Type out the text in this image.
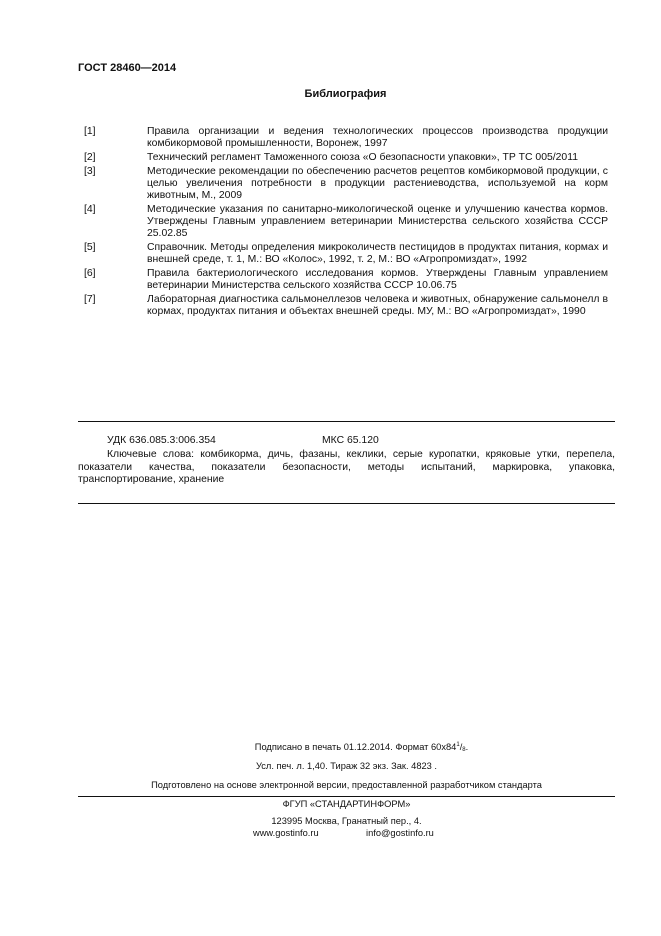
ГОСТ 28460—2014
Библиография
[1]	Правила организации и ведения технологических процессов производства продукции комбикормовой промышленности, Воронеж, 1997
[2]	Технический регламент Таможенного союза «О безопасности упаковки», ТР ТС 005/2011
[3]	Методические рекомендации по обеспечению расчетов рецептов комбикормовой продукции, с целью увеличения потребности в продукции растениеводства, используемой на корм животным, М., 2009
[4]	Методические указания по санитарно-микологической оценке и улучшению качества кормов. Утверждены Главным управлением ветеринарии Министерства сельского хозяйства СССР 25.02.85
[5]	Справочник. Методы определения микроколичеств пестицидов в продуктах питания, кормах и внешней среде, т. 1, М.: ВО «Колос», 1992, т. 2, М.: ВО «Агропромиздат», 1992
[6]	Правила бактериологического исследования кормов. Утверждены Главным управлением ветеринарии Министерства сельского хозяйства СССР 10.06.75
[7]	Лабораторная диагностика сальмонеллезов человека и животных, обнаружение сальмонелл в кормах, продуктах питания и объектах внешней среды. МУ, М.: ВО «Агропромиздат», 1990
УДК 636.085.3:006.354	МКС 65.120
Ключевые слова: комбикорма, дичь, фазаны, кеклики, серые куропатки, кряковые утки, перепела, показатели качества, показатели безопасности, методы испытаний, маркировка, упаковка, транспортирование, хранение
Подписано в печать 01.12.2014. Формат $60х84^1/_8$.
Усл. печ. л. 1,40. Тираж 32 экз. Зак. 4823 .
Подготовлено на основе электронной версии, предоставленной разработчиком стандарта
ФГУП «СТАНДАРТИНФОРМ»
123995 Москва, Гранатный пер., 4.
www.gostinfo.ru	info@gostinfo.ru
